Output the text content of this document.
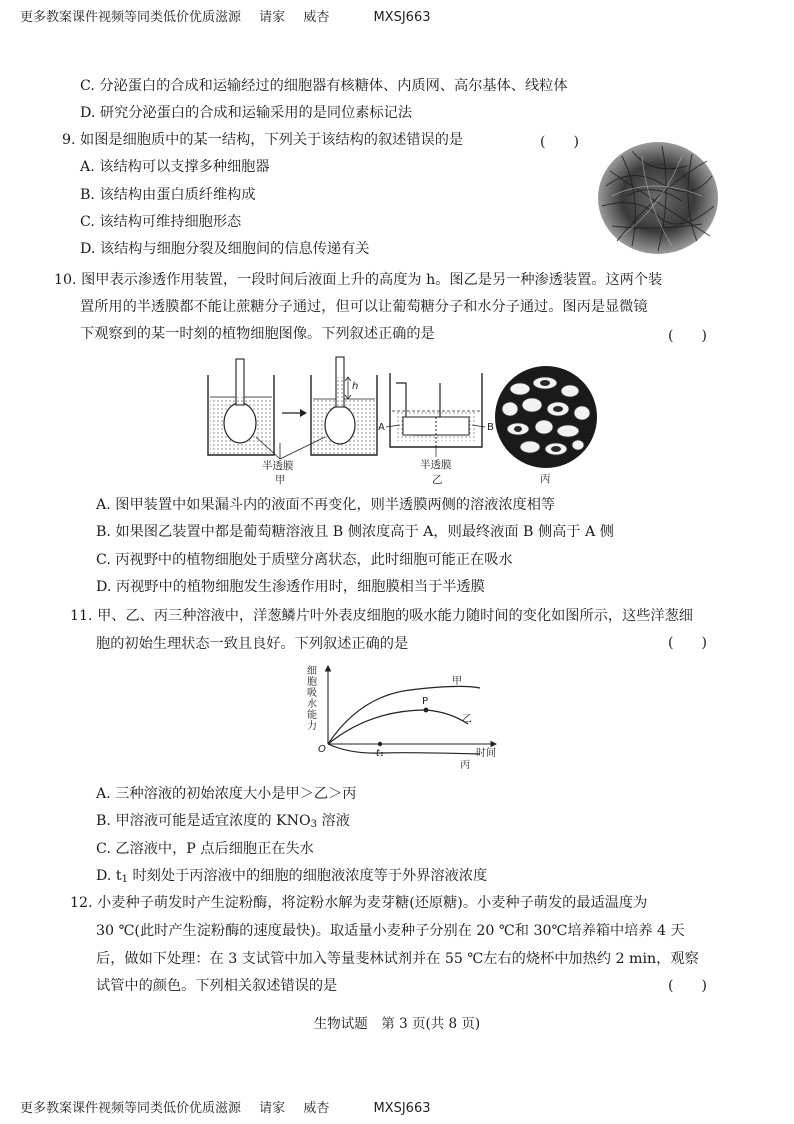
更多教案课件视频等同类低价优质滋源 请家 威杏	MXSJ663
C. 分泌蛋白的合成和运输经过的细胞器有核糖体、内质网、高尔基体、线粒体
D. 研究分泌蛋白的合成和运输采用的是同位素标记法
9. 如图是细胞质中的某一结构，下列关于该结构的叙述错误的是	(　　)
A. 该结构可以支撑多种细胞器
B. 该结构由蛋白质纤维构成
C. 该结构可维持细胞形态
D. 该结构与细胞分裂及细胞间的信息传递有关
10. 图甲表示渗透作用装置，一段时间后液面上升的高度为 h。图乙是另一种渗透装置。这两个装
置所用的半透膜都不能让蔗糖分子通过，但可以让葡萄糖分子和水分子通过。图丙是显微镜
下观察到的某一时刻的植物细胞图像。下列叙述正确的是	(　　)
h
半透膜
甲
A	B
半透膜
乙	丙
A. 图甲装置中如果漏斗内的液面不再变化，则半透膜两侧的溶液浓度相等
B. 如果图乙装置中都是葡萄糖溶液且 B 侧浓度高于 A，则最终液面 B 侧高于 A 侧
C. 丙视野中的植物细胞处于质壁分离状态，此时细胞可能正在吸水
D. 丙视野中的植物细胞发生渗透作用时，细胞膜相当于半透膜
11. 甲、乙、丙三种溶液中，洋葱鳞片叶外表皮细胞的吸水能力随时间的变化如图所示，这些洋葱细
胞的初始生理状态一致且良好。下列叙述正确的是	(　　)
细
胞
吸
水
能
力
O	时间
P
t₁
甲
乙
丙
A. 三种溶液的初始浓度大小是甲＞乙＞丙
B. 甲溶液可能是适宜浓度的 $KNO_3$ 溶液
C. 乙溶液中，P 点后细胞正在失水
D. $t_1$ 时刻处于丙溶液中的细胞的细胞液浓度等于外界溶液浓度
12. 小麦种子萌发时产生淀粉酶，将淀粉水解为麦芽糖(还原糖)。小麦种子萌发的最适温度为
30 ℃(此时产生淀粉酶的速度最快)。取适量小麦种子分别在 20 ℃和 30℃培养箱中培养 4 天
后，做如下处理：在 3 支试管中加入等量斐林试剂并在 55 ℃左右的烧杯中加热约 2 min，观察
试管中的颜色。下列相关叙述错误的是	(　　)
生物试题　第 3 页(共 8 页)
更多教案课件视频等同类低价优质滋源 请家 威杏	MXSJ663
